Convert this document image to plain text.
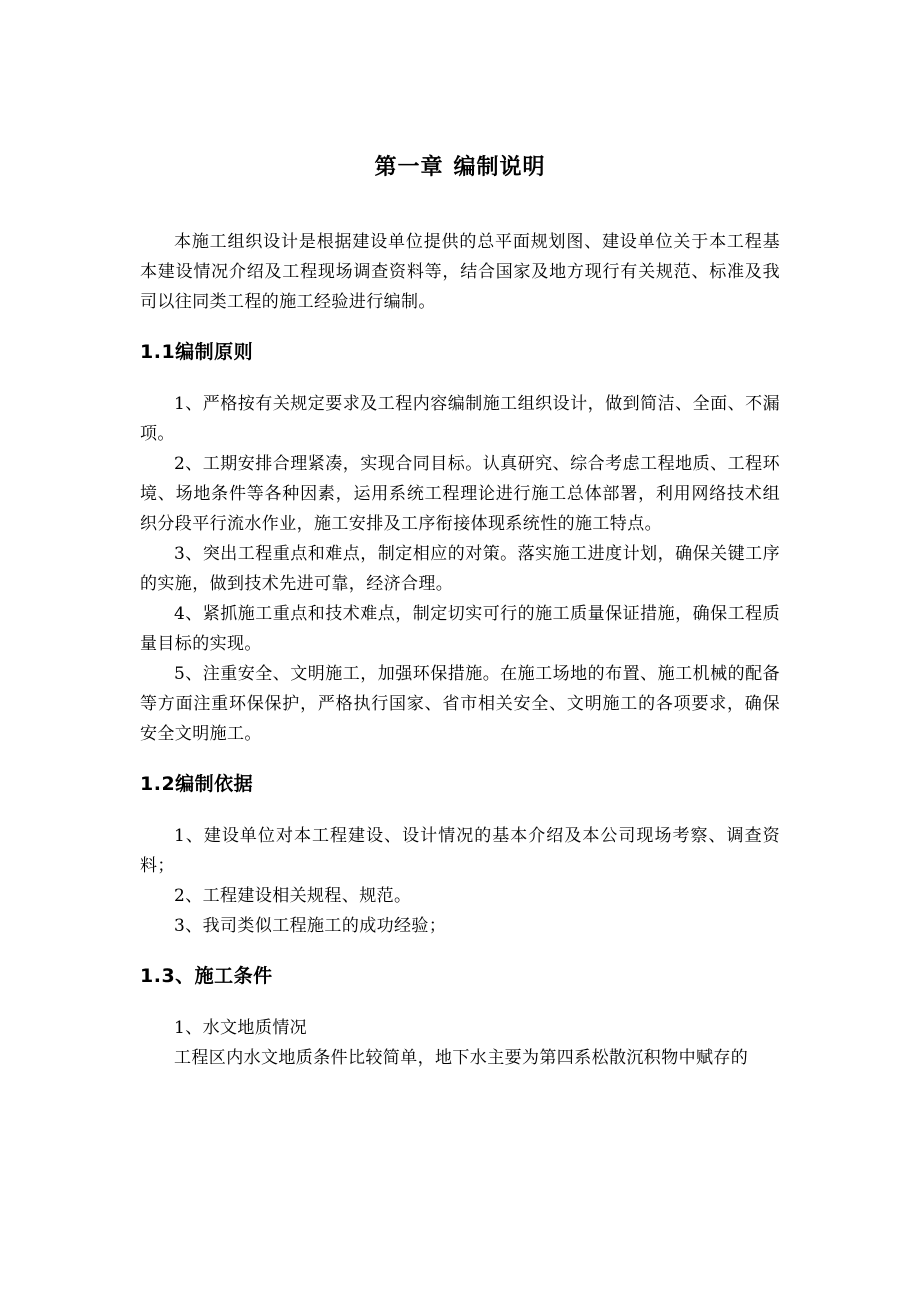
第一章 编制说明

本施工组织设计是根据建设单位提供的总平面规划图、建设单位关于本工程基本建设情况介绍及工程现场调查资料等，结合国家及地方现行有关规范、标准及我司以往同类工程的施工经验进行编制。

1.1编制原则

1、严格按有关规定要求及工程内容编制施工组织设计，做到简洁、全面、不漏项。

2、工期安排合理紧凑，实现合同目标。认真研究、综合考虑工程地质、工程环境、场地条件等各种因素，运用系统工程理论进行施工总体部署，利用网络技术组织分段平行流水作业，施工安排及工序衔接体现系统性的施工特点。

3、突出工程重点和难点，制定相应的对策。落实施工进度计划，确保关键工序的实施，做到技术先进可靠，经济合理。

4、紧抓施工重点和技术难点，制定切实可行的施工质量保证措施，确保工程质量目标的实现。

5、注重安全、文明施工，加强环保措施。在施工场地的布置、施工机械的配备等方面注重环保保护，严格执行国家、省市相关安全、文明施工的各项要求，确保安全文明施工。

1.2编制依据

1、建设单位对本工程建设、设计情况的基本介绍及本公司现场考察、调查资料；

2、工程建设相关规程、规范。

3、我司类似工程施工的成功经验；

1.3、施工条件

1、水文地质情况

工程区内水文地质条件比较简单，地下水主要为第四系松散沉积物中赋存的
